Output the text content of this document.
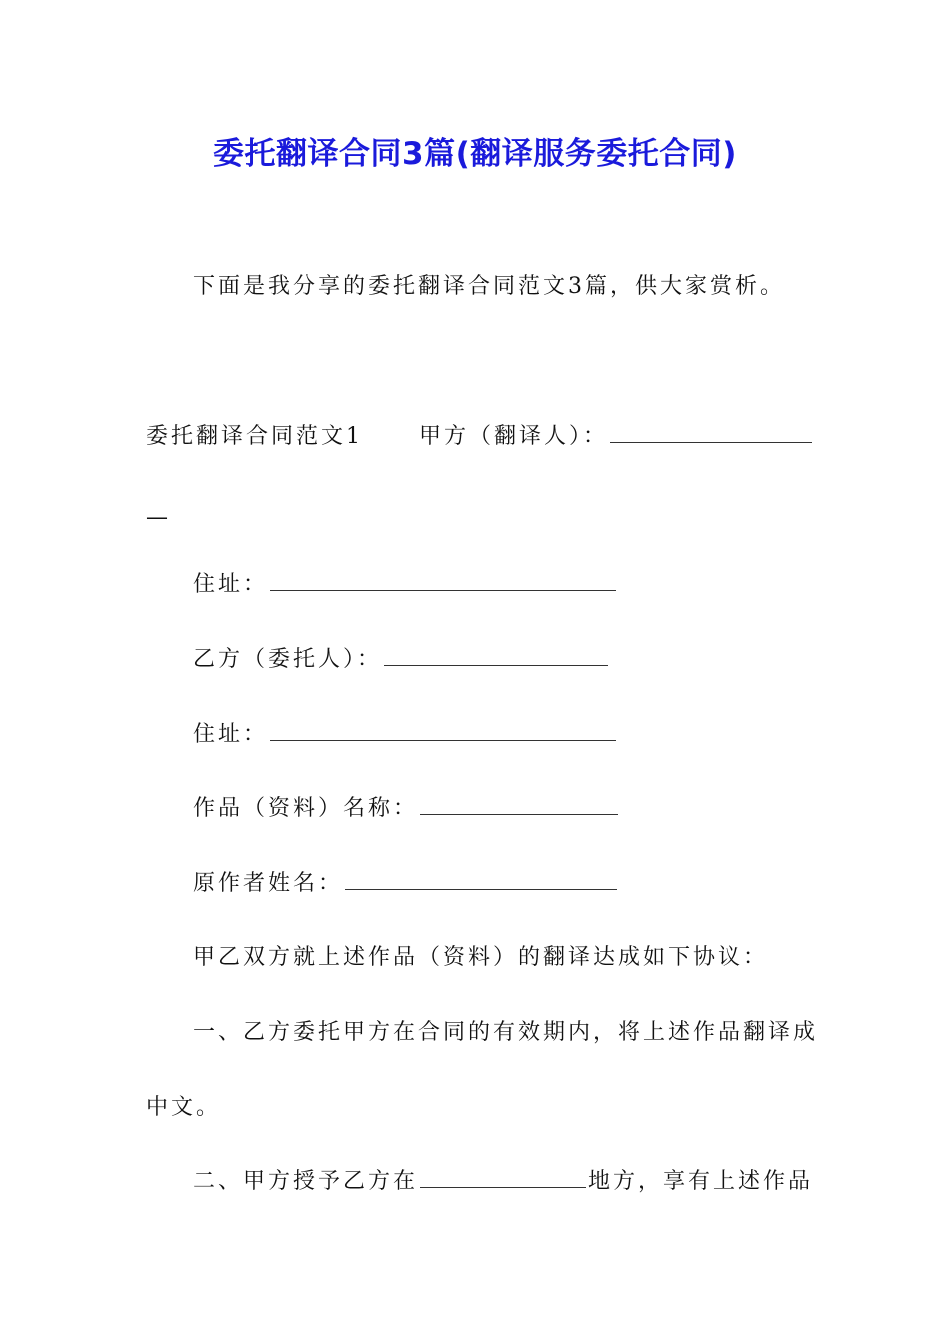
委托翻译合同3篇(翻译服务委托合同)
下面是我分享的委托翻译合同范文3篇，供大家赏析。
委托翻译合同范文1	甲方（翻译人）：
—
住址：
乙方（委托人）：
住址：
作品（资料）名称：
原作者姓名：
甲乙双方就上述作品（资料）的翻译达成如下协议：
一、乙方委托甲方在合同的有效期内，将上述作品翻译成
中文。
二、甲方授予乙方在	地方，享有上述作品
